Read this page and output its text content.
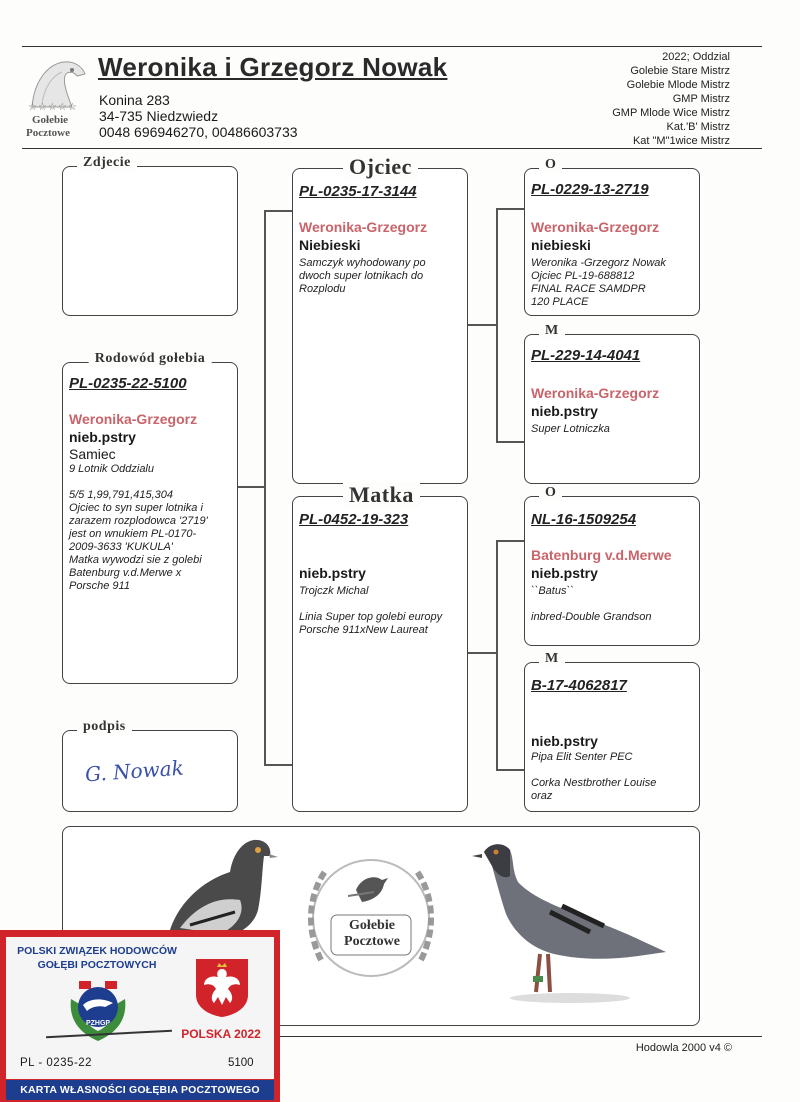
☆☆☆☆☆
Gołebie
Pocztowe
Weronika i Grzegorz Nowak
Konina 283
34-735 Niedzwiedz
0048 696946270, 00486603733
2022; Oddzial
Golebie Stare Mistrz
Golebie Mlode Mistrz
GMP Mistrz
GMP Mlode Wice Mistrz
Kat.'B' Mistrz
Kat "M"1wice Mistrz
Zdjecie
Rodowód gołebia
PL-0235-22-5100
Weronika-Grzegorz
nieb.pstry
Samiec
9 Lotnik Oddzialu
5/5 1,99,791,415,304
Ojciec to syn super lotnika i
zarazem rozplodowca '2719'
jest on wnukiem PL-0170-
2009-3633 'KUKULA'
Matka wywodzi sie z golebi
Batenburg v.d.Merwe x
Porsche 911
podpis
G. Nowak
Ojciec
PL-0235-17-3144
Weronika-Grzegorz
Niebieski
Samczyk wyhodowany po
dwoch super lotnikach do
Rozplodu
Matka
PL-0452-19-323
nieb.pstry
Trojczk Michal
Linia Super top golebi europy
Porsche 911xNew Laureat
O
PL-0229-13-2719
Weronika-Grzegorz
niebieski
Weronika -Grzegorz Nowak
Ojciec PL-19-688812
FINAL RACE SAMDPR
120 PLACE
M
PL-229-14-4041
Weronika-Grzegorz
nieb.pstry
Super Lotniczka
O
NL-16-1509254
Batenburg v.d.Merwe
nieb.pstry
``Batus``
inbred-Double Grandson
M
B-17-4062817
nieb.pstry
Pipa Elit Senter PEC
Corka Nestbrother Louise
oraz
Gołebie
Pocztowe
Hodowla 2000 v4 ©
POLSKI ZWIĄZEK HODOWCÓW
GOŁĘBI POCZTOWYCH
PZHGP
POLSKA 2022
PL - 0235-22	5100
KARTA WŁASNOŚCI GOŁĘBIA POCZTOWEGO
